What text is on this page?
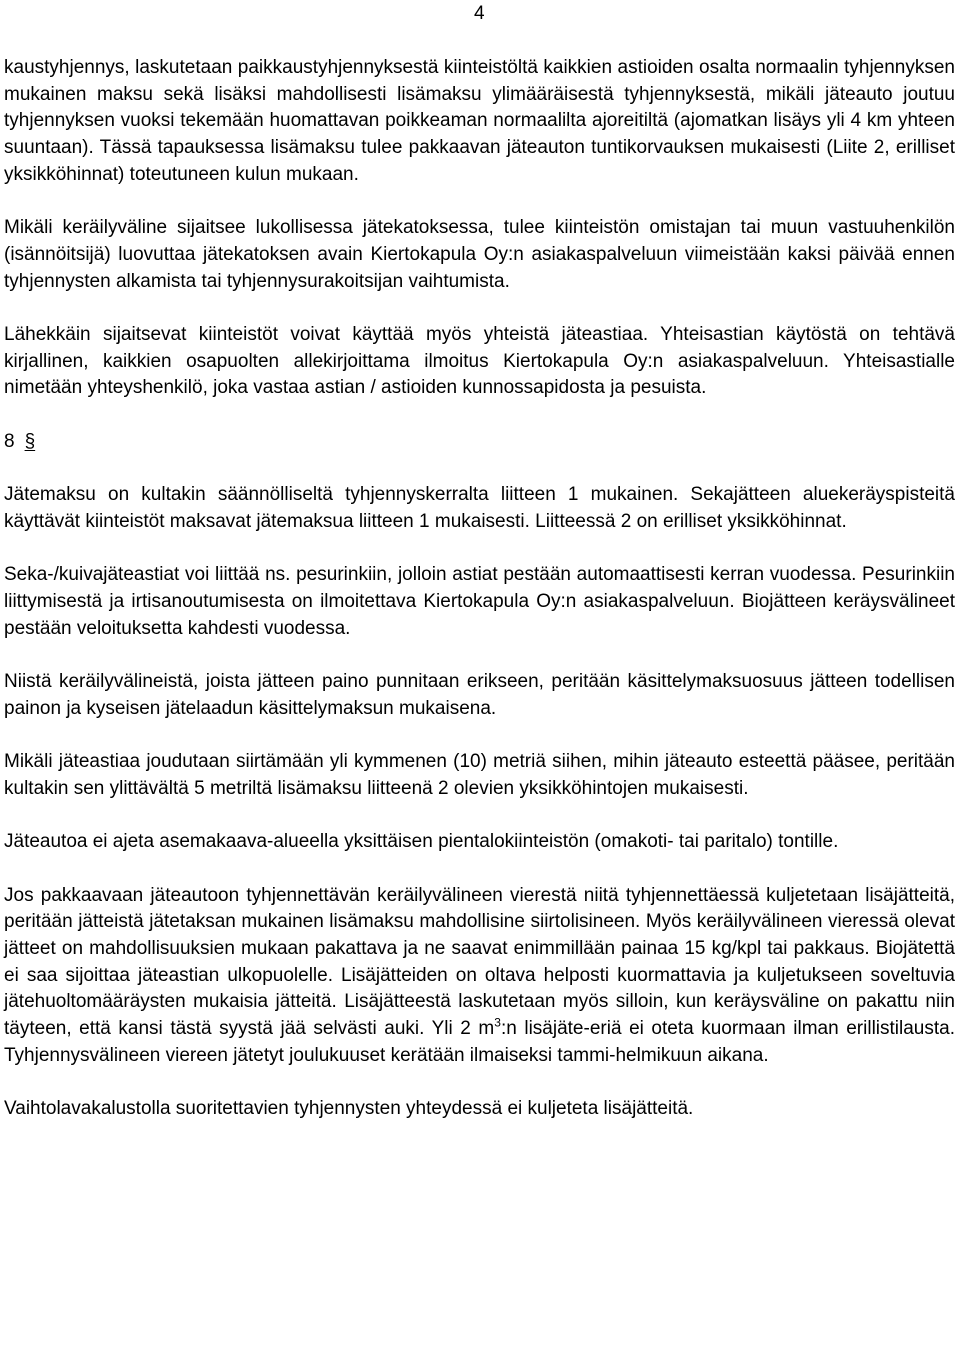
4

kaustyhjennys, laskutetaan paikkaustyhjennyksestä kiinteistöltä kaikkien astioiden osalta normaalin tyhjennyksen mukainen maksu sekä lisäksi mahdollisesti lisämaksu ylimääräisestä tyhjennyksestä, mikäli jäteauto joutuu tyhjennyksen vuoksi tekemään huomattavan poikkeaman normaalilta ajoreitiltä (ajomatkan lisäys yli 4 km yhteen suuntaan). Tässä tapauksessa lisämaksu tulee pakkaavan jäteauton tuntikorvauksen mukaisesti (Liite 2, erilliset yksikköhinnat) toteutuneen kulun mukaan.

Mikäli keräilyväline sijaitsee lukollisessa jätekatoksessa, tulee kiinteistön omistajan tai muun vastuuhenkilön (isännöitsijä) luovuttaa jätekatoksen avain Kiertokapula Oy:n asiakaspalveluun viimeistään kaksi päivää ennen tyhjennysten alkamista tai tyhjennysurakoitsijan vaihtumista.

Lähekkäin sijaitsevat kiinteistöt voivat käyttää myös yhteistä jäteastiaa. Yhteisastian käytöstä on tehtävä kirjallinen, kaikkien osapuolten allekirjoittama ilmoitus Kiertokapula Oy:n asiakaspalveluun. Yhteisastialle nimetään yhteyshenkilö, joka vastaa astian / astioiden kunnossapidosta ja pesuista.

8 §

Jätemaksu on kultakin säännölliseltä tyhjennyskerralta liitteen 1 mukainen. Sekajätteen aluekeräyspisteitä käyttävät kiinteistöt maksavat jätemaksua liitteen 1 mukaisesti. Liitteessä 2 on erilliset yksikköhinnat.

Seka-/kuivajäteastiat voi liittää ns. pesurinkiin, jolloin astiat pestään automaattisesti kerran vuodessa. Pesurinkiin liittymisestä ja irtisanoutumisesta on ilmoitettava Kiertokapula Oy:n asiakaspalveluun. Biojätteen keräysvälineet pestään veloituksetta kahdesti vuodessa.

Niistä keräilyvälineistä, joista jätteen paino punnitaan erikseen, peritään käsittelymaksuosuus jätteen todellisen painon ja kyseisen jätelaadun käsittelymaksun mukaisena.

Mikäli jäteastiaa joudutaan siirtämään yli kymmenen (10) metriä siihen, mihin jäteauto esteettä pääsee, peritään kultakin sen ylittävältä 5 metriltä lisämaksu liitteenä 2 olevien yksikköhintojen mukaisesti.

Jäteautoa ei ajeta asemakaava-alueella yksittäisen pientalokiinteistön (omakoti- tai paritalo) tontille.

Jos pakkaavaan jäteautoon tyhjennettävän keräilyvälineen vierestä niitä tyhjennettäessä kuljetetaan lisäjätteitä, peritään jätteistä jätetaksan mukainen lisämaksu mahdollisine siirtolisineen. Myös keräilyvälineen vieressä olevat jätteet on mahdollisuuksien mukaan pakattava ja ne saavat enimmillään painaa 15 kg/kpl tai pakkaus. Biojätettä ei saa sijoittaa jäteastian ulkopuolelle. Lisäjätteiden on oltava helposti kuormattavia ja kuljetukseen soveltuvia jätehuoltomääräysten mukaisia jätteitä. Lisäjätteestä laskutetaan myös silloin, kun keräysväline on pakattu niin täyteen, että kansi tästä syystä jää selvästi auki. Yli 2 $m^3:n$ lisäjäte-eriä ei oteta kuormaan ilman erillistilausta. Tyhjennysvälineen viereen jätetyt joulukuuset kerätään ilmaiseksi tammi-helmikuun aikana.

Vaihtolavakalustolla suoritettavien tyhjennysten yhteydessä ei kuljeteta lisäjätteitä.
